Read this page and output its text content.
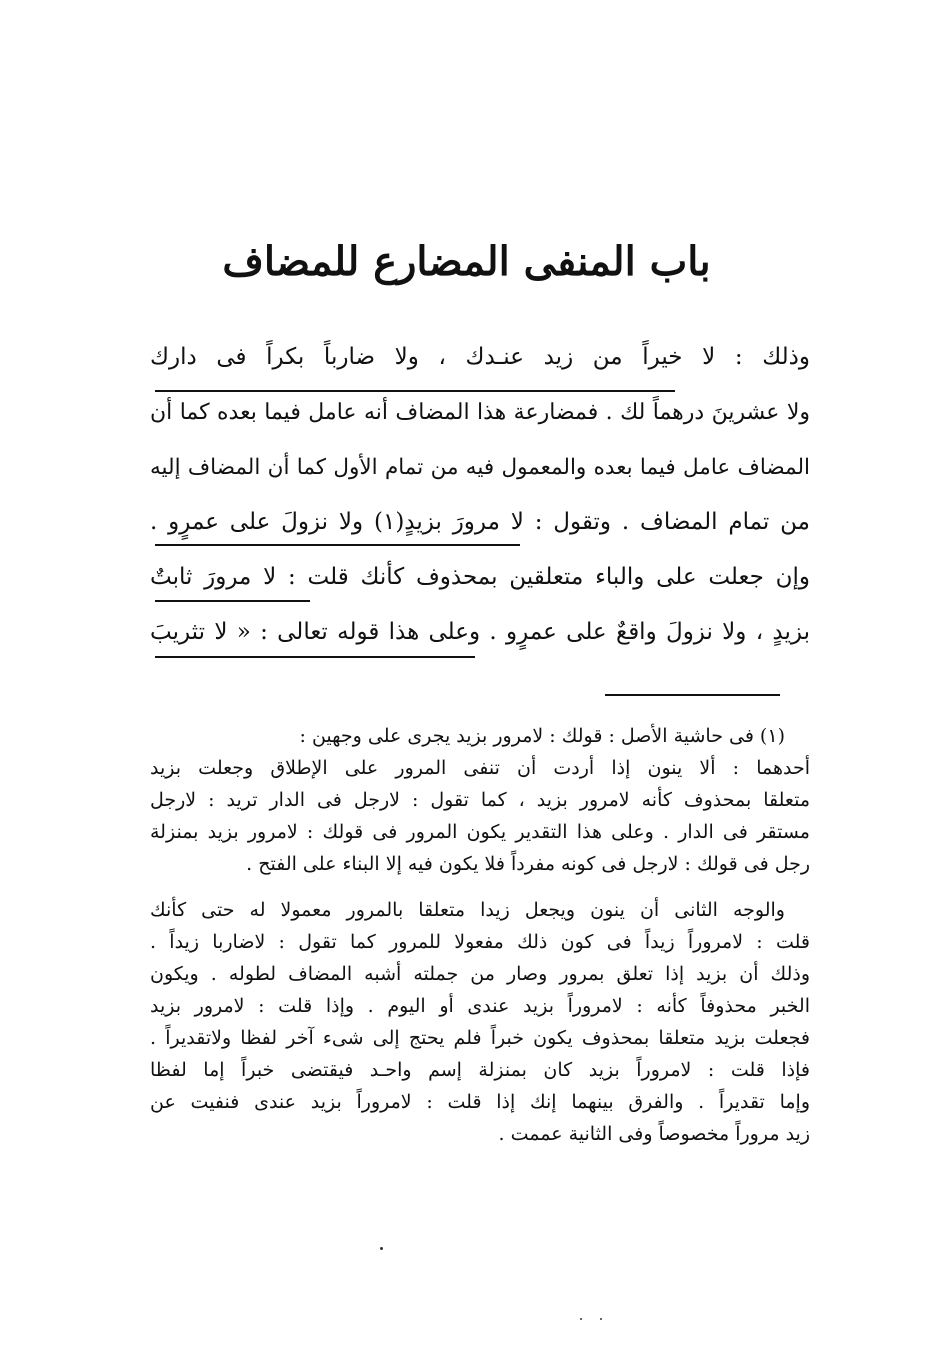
باب المنفى المضارع للمضاف
وذلك : لا خيراً من زيد عنـدك ، ولا ضارباً بكراً فى دارك
ولا عشرينَ درهماً لك . فمضارعة هذا المضاف أنه عامل فيما بعده كما أن
المضاف عامل فيما بعده والمعمول فيه من تمام الأول كما أن المضاف إليه
من تمام المضاف . وتقول : لا مرورَ بزيدٍ(١) ولا نزولَ على عمرٍو .
وإن جعلت على والباء متعلقين بمحذوف كأنك قلت : لا مرورَ ثابتٌ
بزيدٍ ، ولا نزولَ واقعٌ على عمرٍو . وعلى هذا قوله تعالى : « لا تثريبَ
(١) فى حاشية الأصل : قولك : لامرور بزيد يجرى على وجهين :
أحدهما : ألا ينون إذا أردت أن تنفى المرور على الإطلاق وجعلت بزيد
متعلقا بمحذوف كأنه لامرور بزيد ، كما تقول : لارجل فى الدار تريد : لارجل
مستقر فى الدار . وعلى هذا التقدير يكون المرور فى قولك : لامرور بزيد بمنزلة
رجل فى قولك : لارجل فى كونه مفرداً فلا يكون فيه إلا البناء على الفتح .
والوجه الثانى أن ينون ويجعل زيدا متعلقا بالمرور معمولا له حتى كأنك
قلت : لامروراً زيداً فى كون ذلك مفعولا للمرور كما تقول : لاضاربا زيداً .
وذلك أن بزيد إذا تعلق بمرور وصار من جملته أشبه المضاف لطوله . ويكون
الخبر محذوفاً كأنه : لامروراً بزيد عندى أو اليوم . وإذا قلت : لامرور بزيد
فجعلت بزيد متعلقا بمحذوف يكون خبراً فلم يحتج إلى شىء آخر لفظا ولاتقديراً .
فإذا قلت : لامروراً بزيد كان بمنزلة إسم واحـد فيقتضى خبراً إما لفظا
وإما تقديراً . والفرق بينهما إنك إذا قلت : لامروراً بزيد عندى فنفيت عن
زيد مروراً مخصوصاً وفى الثانية عممت .
